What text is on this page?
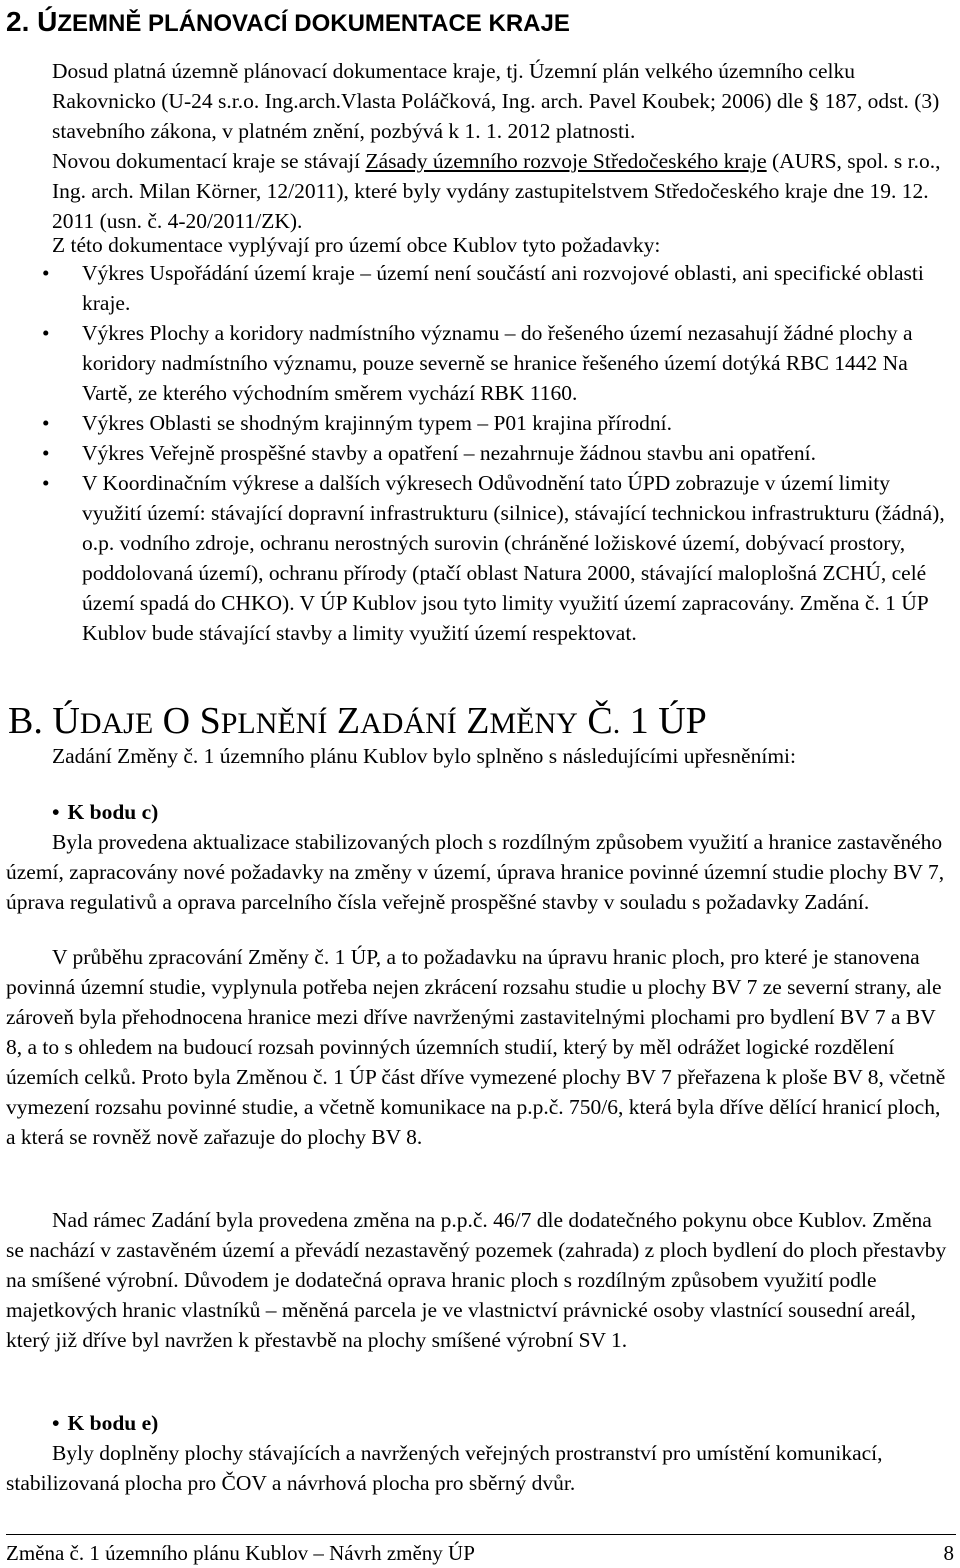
2. ÚZEMNĚ PLÁNOVACÍ DOKUMENTACE KRAJE

Dosud platná územně plánovací dokumentace kraje, tj. Územní plán velkého územního celku Rakovnicko (U-24 s.r.o. Ing.arch.Vlasta Poláčková, Ing. arch. Pavel Koubek; 2006) dle § 187, odst. (3) stavebního zákona, v platném znění, pozbývá k 1. 1. 2012 platnosti.

Novou dokumentací kraje se stávají Zásady územního rozvoje Středočeského kraje (AURS, spol. s r.o., Ing. arch. Milan Körner, 12/2011), které byly vydány zastupitelstvem Středočeského kraje dne 19. 12. 2011 (usn. č. 4-20/2011/ZK).

Z této dokumentace vyplývají pro území obce Kublov tyto požadavky:

• Výkres Uspořádání území kraje – území není součástí ani rozvojové oblasti, ani specifické oblasti kraje.
• Výkres Plochy a koridory nadmístního významu – do řešeného území nezasahují žádné plochy a koridory nadmístního významu, pouze severně se hranice řešeného území dotýká RBC 1442 Na Vartě, ze kterého východním směrem vychází RBK 1160.
• Výkres Oblasti se shodným krajinným typem – P01 krajina přírodní.
• Výkres Veřejně prospěšné stavby a opatření – nezahrnuje žádnou stavbu ani opatření.
• V Koordinačním výkrese a dalších výkresech Odůvodnění tato ÚPD zobrazuje v území limity využití území: stávající dopravní infrastrukturu (silnice), stávající technickou infrastrukturu (žádná), o.p. vodního zdroje, ochranu nerostných surovin (chráněné ložiskové území, dobývací prostory, poddolovaná území), ochranu přírody (ptačí oblast Natura 2000, stávající maloplošná ZCHÚ, celé území spadá do CHKO). V ÚP Kublov jsou tyto limity využití území zapracovány. Změna č. 1 ÚP Kublov bude stávající stavby a limity využití území respektovat.
B. ÚDAJE O SPLNĚNÍ ZADÁNÍ ZMĚNY Č. 1 ÚP

Zadání Změny č. 1 územního plánu Kublov bylo splněno s následujícími upřesněními:

• K bodu c)

Byla provedena aktualizace stabilizovaných ploch s rozdílným způsobem využití a hranice zastavěného území, zapracovány nové požadavky na změny v území, úprava hranice povinné územní studie plochy BV 7, úprava regulativů a oprava parcelního čísla veřejně prospěšné stavby v souladu s požadavky Zadání.

V průběhu zpracování Změny č. 1 ÚP, a to požadavku na úpravu hranic ploch, pro které je stanovena povinná územní studie, vyplynula potřeba nejen zkrácení rozsahu studie u plochy BV 7 ze severní strany, ale zároveň byla přehodnocena hranice mezi dříve navrženými zastavitelnými plochami pro bydlení BV 7 a BV 8, a to s ohledem na budoucí rozsah povinných územních studií, který by měl odrážet logické rozdělení územích celků. Proto byla Změnou č. 1 ÚP část dříve vymezené plochy BV 7 přeřazena k ploše BV 8, včetně vymezení rozsahu povinné studie, a včetně komunikace na p.p.č. 750/6, která byla dříve dělící hranicí ploch, a která se rovněž nově zařazuje do plochy BV 8.

Nad rámec Zadání byla provedena změna na p.p.č. 46/7 dle dodatečného pokynu obce Kublov. Změna se nachází v zastavěném území a převádí nezastavěný pozemek (zahrada) z ploch bydlení do ploch přestavby na smíšené výrobní. Důvodem je dodatečná oprava hranic ploch s rozdílným způsobem využití podle majetkových hranic vlastníků – měněná parcela je ve vlastnictví právnické osoby vlastnící sousední areál, který již dříve byl navržen k přestavbě na plochy smíšené výrobní SV 1.

• K bodu e)

Byly doplněny plochy stávajících a navržených veřejných prostranství pro umístění komunikací, stabilizovaná plocha pro ČOV a návrhová plocha pro sběrný dvůr.

Změna č. 1 územního plánu Kublov – Návrh změny ÚP	8
